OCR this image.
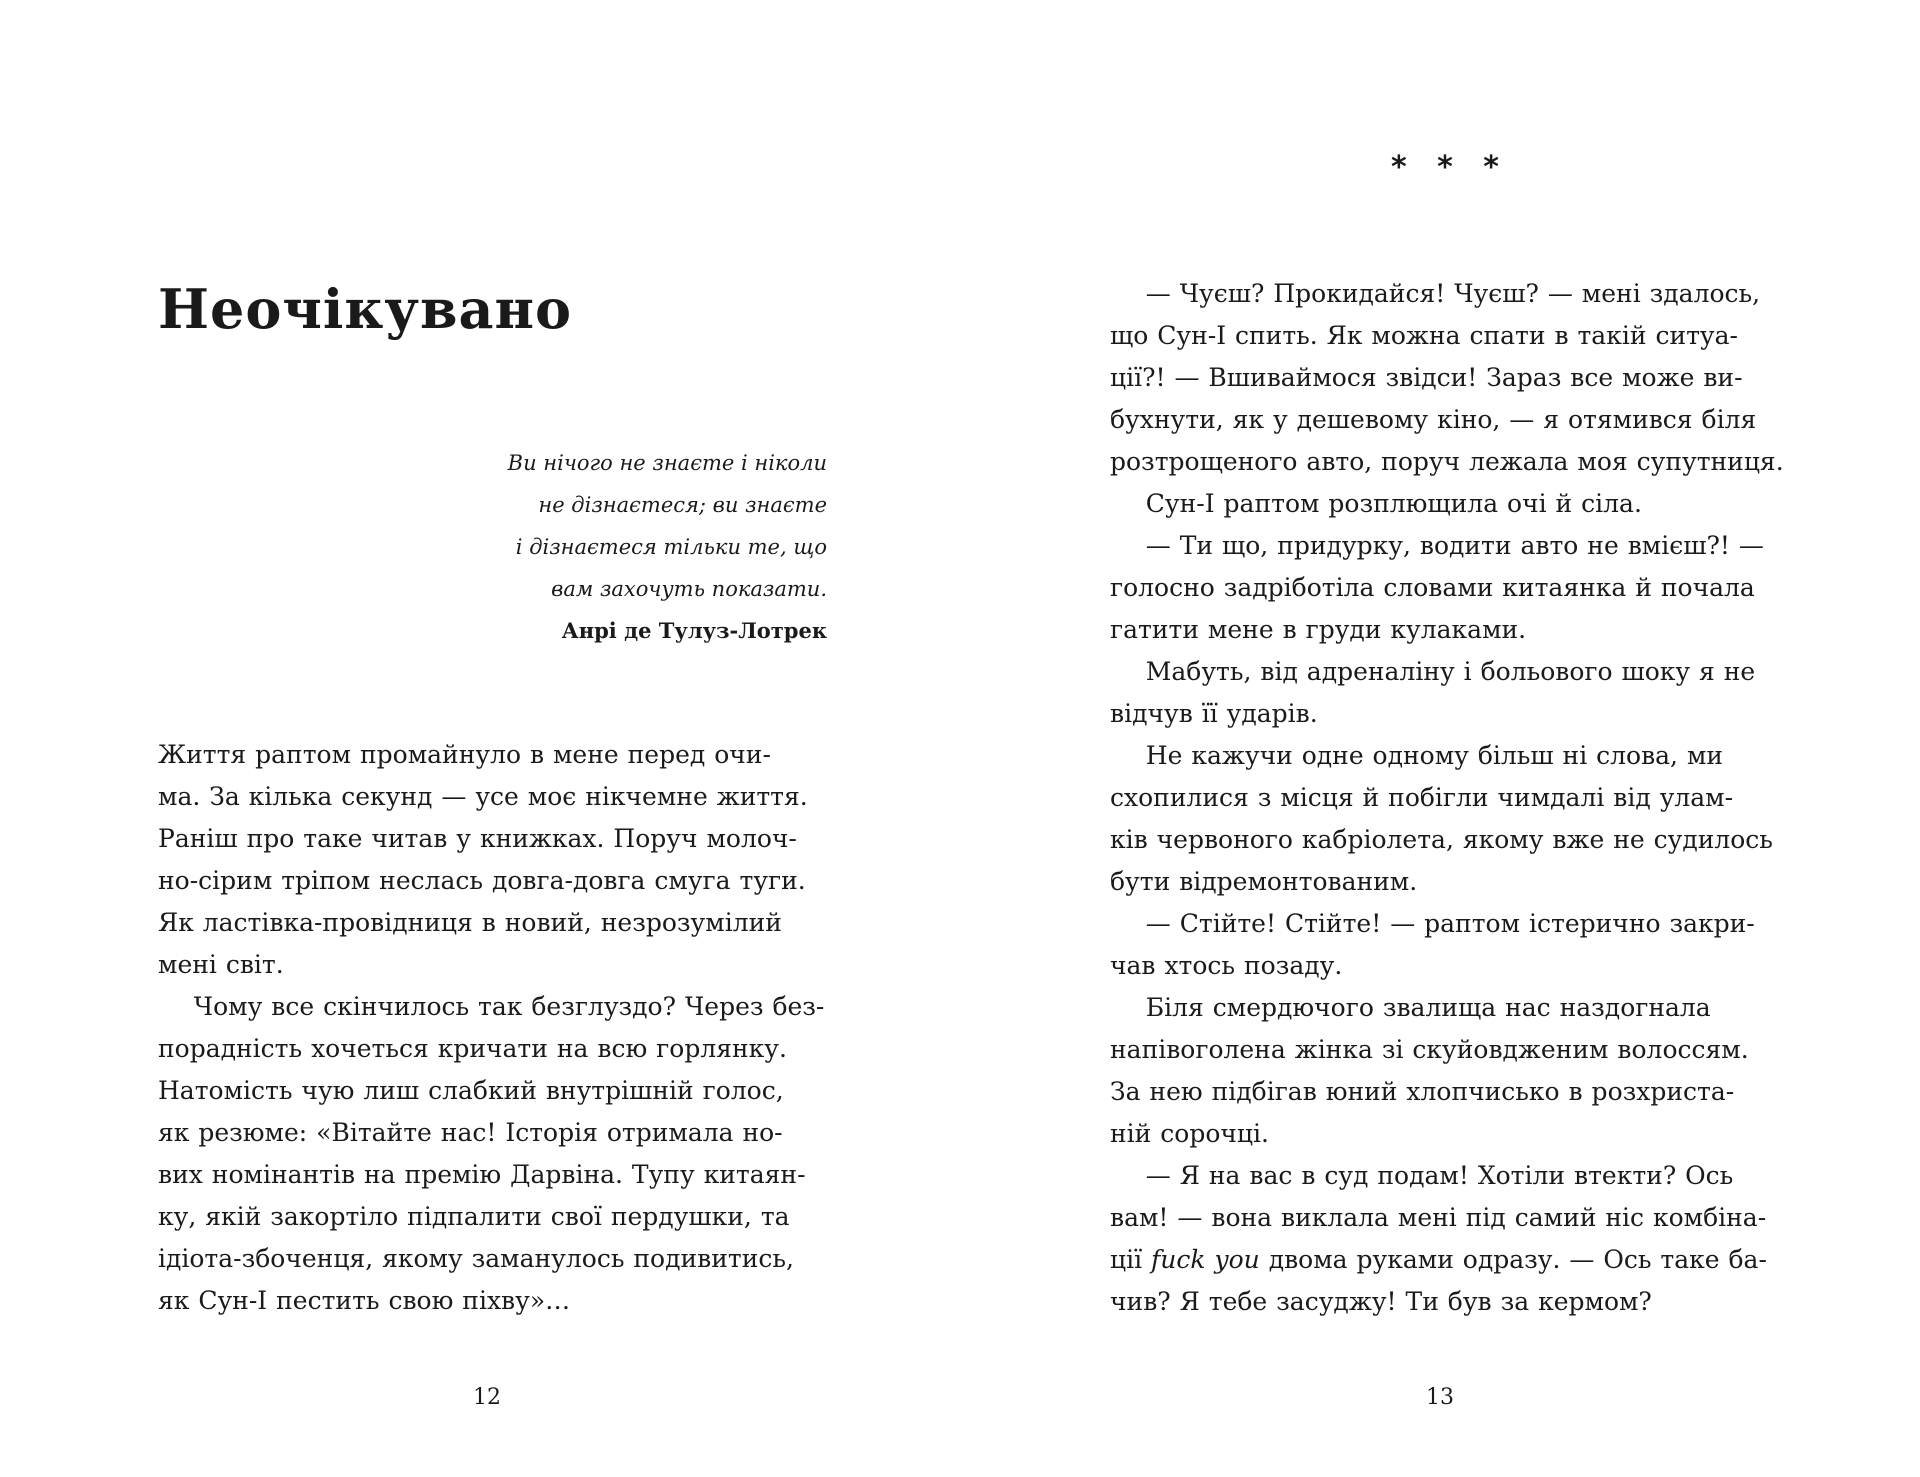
Неочікувано
Ви нічого не знаєте і ніколи
не дізнаєтеся; ви знаєте
і дізнаєтеся тільки те, що
вам захочуть показати.
Анрі де Тулуз-Лотрек
Життя раптом промайнуло в мене перед очи-
ма. За кілька секунд — усе моє нікчемне життя.
Раніш про таке читав у книжках. Поруч молоч-
но-сірим тріпом неслась довга-довга смуга туги.
Як ластівка-провідниця в новий, незрозумілий
мені світ.
Чому все скінчилось так безглуздо? Через без-
порадність хочеться кричати на всю горлянку.
Натомість чую лиш слабкий внутрішній голос,
як резюме: «Вітайте нас! Історія отримала но-
вих номінантів на премію Дарвіна. Тупу китаян-
ку, якій закортіло підпалити свої пердушки, та
ідіота-збоченця, якому заманулось подивитись,
як Сун-І пестить свою піхву»…
12
* * *
— Чуєш? Прокидайся! Чуєш? — мені здалось,
що Сун-І спить. Як можна спати в такій ситуа-
ції?! — Вшиваймося звідси! Зараз все може ви-
бухнути, як у дешевому кіно, — я отямився біля
розтрощеного авто, поруч лежала моя супутниця.
Сун-І раптом розплющила очі й сіла.
— Ти що, придурку, водити авто не вмієш?! —
голосно задріботіла словами китаянка й почала
гатити мене в груди кулаками.
Мабуть, від адреналіну і больового шоку я не
відчув її ударів.
Не кажучи одне одному більш ні слова, ми
схопилися з місця й побігли чимдалі від улам-
ків червоного кабріолета, якому вже не судилось
бути відремонтованим.
— Стійте! Стійте! — раптом істерично закри-
чав хтось позаду.
Біля смердючого звалища нас наздогнала
напівоголена жінка зі скуйовдженим волоссям.
За нею підбігав юний хлопчисько в розхриста-
ній сорочці.
— Я на вас в суд подам! Хотіли втекти? Ось
вам! — вона виклала мені під самий ніс комбіна-
ції fuck you двома руками одразу. — Ось таке ба-
чив? Я тебе засуджу! Ти був за кермом?
13
